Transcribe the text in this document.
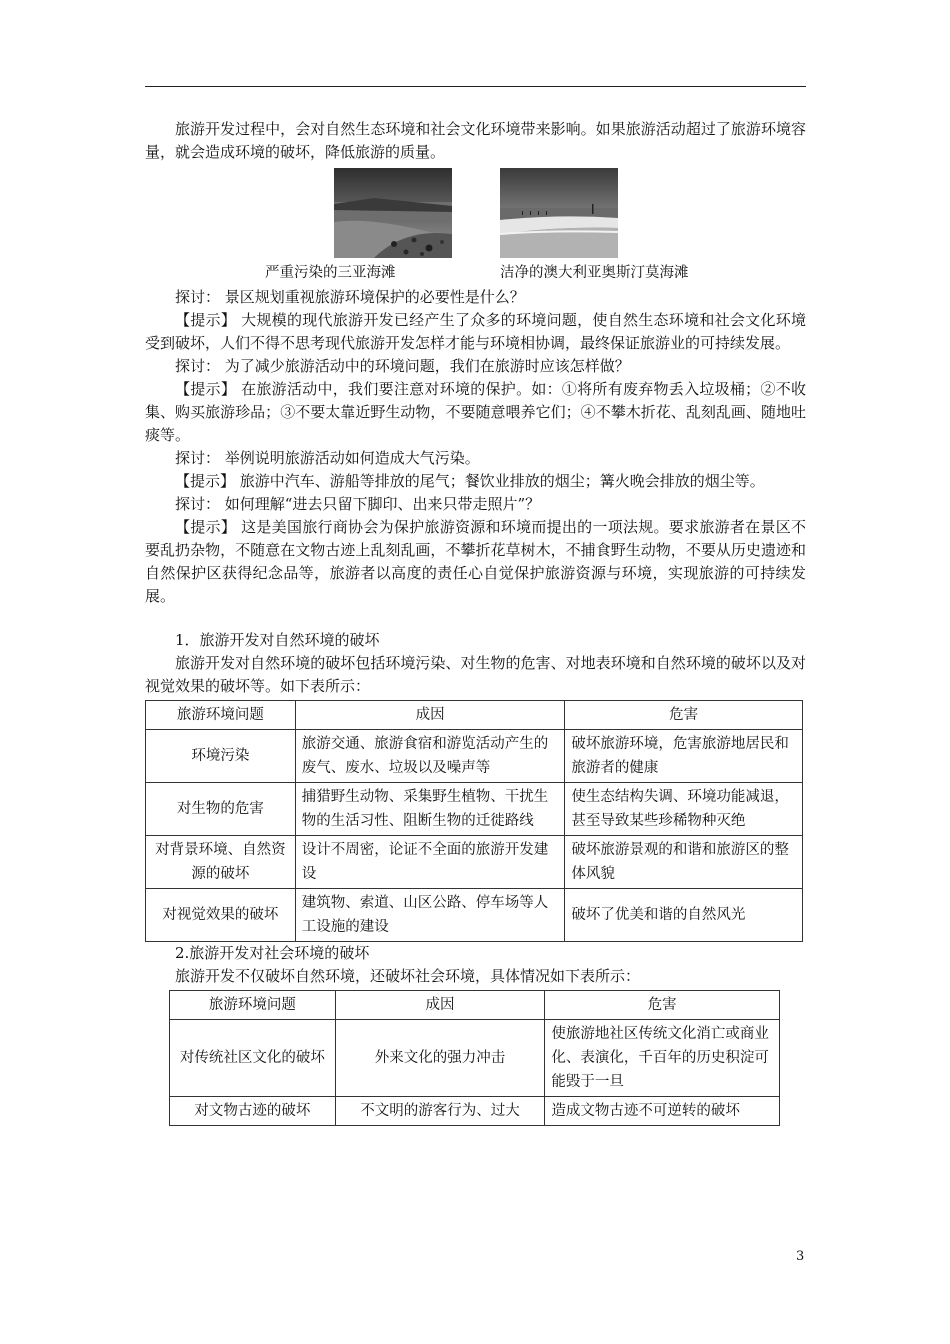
旅游开发过程中，会对自然生态环境和社会文化环境带来影响。如果旅游活动超过了旅游环境容量，就会造成环境的破坏，降低旅游的质量。

严重污染的三亚海滩	洁净的澳大利亚奥斯汀莫海滩

探讨： 景区规划重视旅游环境保护的必要性是什么？

【提示】 大规模的现代旅游开发已经产生了众多的环境问题，使自然生态环境和社会文化环境受到破坏，人们不得不思考现代旅游开发怎样才能与环境相协调，最终保证旅游业的可持续发展。

探讨： 为了减少旅游活动中的环境问题，我们在旅游时应该怎样做？

【提示】 在旅游活动中，我们要注意对环境的保护。如：①将所有废弃物丢入垃圾桶；②不收集、购买旅游珍品；③不要太靠近野生动物，不要随意喂养它们；④不攀木折花、乱刻乱画、随地吐痰等。

探讨： 举例说明旅游活动如何造成大气污染。

【提示】 旅游中汽车、游船等排放的尾气；餐饮业排放的烟尘；篝火晚会排放的烟尘等。

探讨： 如何理解“进去只留下脚印、出来只带走照片”？

【提示】 这是美国旅行商协会为保护旅游资源和环境而提出的一项法规。要求旅游者在景区不要乱扔杂物，不随意在文物古迹上乱刻乱画，不攀折花草树木，不捕食野生动物，不要从历史遗迹和自然保护区获得纪念品等，旅游者以高度的责任心自觉保护旅游资源与环境，实现旅游的可持续发展。

1．旅游开发对自然环境的破坏

旅游开发对自然环境的破坏包括环境污染、对生物的危害、对地表环境和自然环境的破坏以及对视觉效果的破坏等。如下表所示：

旅游环境问题	成因	危害
环境污染	旅游交通、旅游食宿和游览活动产生的废气、废水、垃圾以及噪声等	破坏旅游环境，危害旅游地居民和旅游者的健康
对生物的危害	捕猎野生动物、采集野生植物、干扰生物的生活习性、阻断生物的迁徙路线	使生态结构失调、环境功能减退，甚至导致某些珍稀物种灭绝
对背景环境、自然资源的破坏	设计不周密，论证不全面的旅游开发建设	破坏旅游景观的和谐和旅游区的整体风貌
对视觉效果的破坏	建筑物、索道、山区公路、停车场等人工设施的建设	破坏了优美和谐的自然风光

2.旅游开发对社会环境的破坏

旅游开发不仅破坏自然环境，还破坏社会环境，具体情况如下表所示：

旅游环境问题	成因	危害
对传统社区文化的破坏	外来文化的强力冲击	使旅游地社区传统文化消亡或商业化、表演化，千百年的历史积淀可能毁于一旦
对文物古迹的破坏	不文明的游客行为、过大	造成文物古迹不可逆转的破坏
3
